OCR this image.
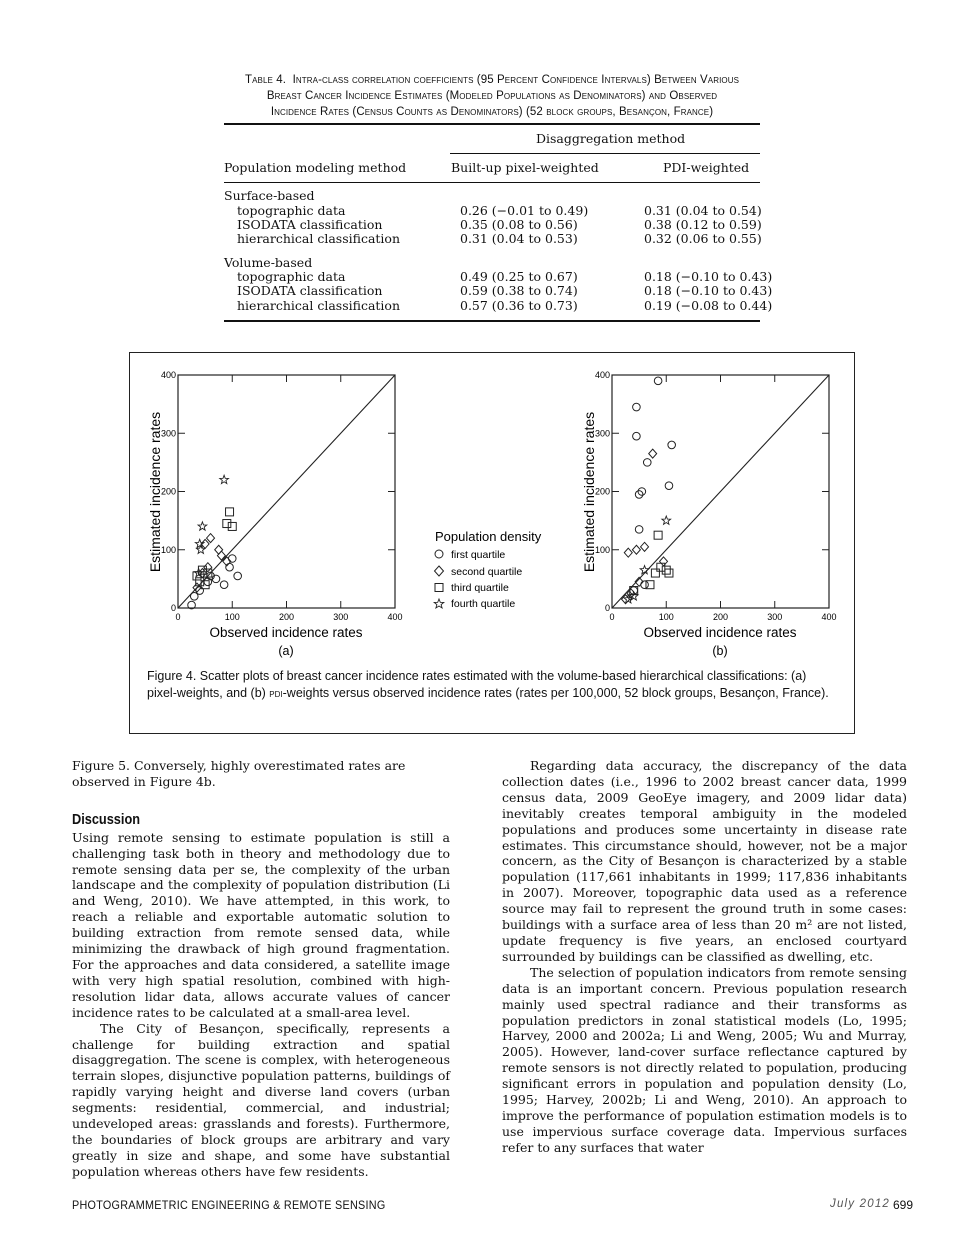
Table 4. Intra-class correlation coefficients (95 Percent Confidence Intervals) Between Various
Breast Cancer Incidence Estimates (Modeled Populations as Denominators) and Observed
Incidence Rates (Census Counts as Denominators) (52 block groups, Besançon, France)
Disaggregation method
Population modeling method	Built-up pixel-weighted	PDI-weighted
Surface-based
topographic data	0.26 (−0.01 to 0.49)	0.31 (0.04 to 0.54)
ISODATA classification	0.35 (0.08 to 0.56)	0.38 (0.12 to 0.59)
hierarchical classification	0.31 (0.04 to 0.53)	0.32 (0.06 to 0.55)
Volume-based
topographic data	0.49 (0.25 to 0.67)	0.18 (−0.10 to 0.43)
ISODATA classification	0.59 (0.38 to 0.74)	0.18 (−0.10 to 0.43)
hierarchical classification	0.57 (0.36 to 0.73)	0.19 (−0.08 to 0.44)
0	100	200	300	400
0
100
200
300
400
Estimated incidence rates
Observed incidence rates
(a)
0	100	200	300	400
0
100
200
300
400
Estimated incidence rates
Observed incidence rates
(b)
Population density
first quartile
second quartile
third quartile
fourth quartile
Figure 4. Scatter plots of breast cancer incidence rates estimated with the volume-based hierarchical classifications: (a) pixel-weights, and (b) pdi-weights versus observed incidence rates (rates per 100,000, 52 block groups, Besançon, France).

Figure 5. Conversely, highly overestimated rates are observed in Figure 4b.

Discussion

Using remote sensing to estimate population is still a challenging task both in theory and methodology due to remote sensing data per se, the complexity of the urban landscape and the complexity of population distribution (Li and Weng, 2010). We have attempted, in this work, to reach a reliable and exportable automatic solution to building extraction from remote sensed data, while minimizing the drawback of high ground fragmentation. For the approaches and data considered, a satellite image with very high spatial resolution, combined with high-resolution lidar data, allows accurate values of cancer incidence rates to be calculated at a small-area level.

The City of Besançon, specifically, represents a challenge for building extraction and spatial disaggregation. The scene is complex, with heterogeneous terrain slopes, disjunctive population patterns, buildings of rapidly varying height and diverse land covers (urban segments: residential, commercial, and industrial; undeveloped areas: grasslands and forests). Furthermore, the boundaries of block groups are arbitrary and vary greatly in size and shape, and some have substantial population whereas others have few residents.

Regarding data accuracy, the discrepancy of the data collection dates (i.e., 1996 to 2002 breast cancer data, 1999 census data, 2009 GeoEye imagery, and 2009 lidar data) inevitably creates temporal ambiguity in the modeled populations and produces some uncertainty in disease rate estimates. This circumstance should, however, not be a major concern, as the City of Besançon is characterized by a stable population (117,661 inhabitants in 1999; 117,836 inhabitants in 2007). Moreover, topographic data used as a reference source may fail to represent the ground truth in some cases: buildings with a surface area of less than 20 m² are not listed, update frequency is five years, an enclosed courtyard surrounded by buildings can be classified as dwelling, etc.

The selection of population indicators from remote sensing data is an important concern. Previous population research mainly used spectral radiance and their transforms as population predictors in zonal statistical models (Lo, 1995; Harvey, 2000 and 2002a; Li and Weng, 2005; Wu and Murray, 2005). However, land-cover surface reflectance captured by remote sensors is not directly related to population, producing significant errors in population and population density (Lo, 1995; Harvey, 2002b; Li and Weng, 2010). An approach to improve the performance of population estimation models is to use impervious surface coverage data. Impervious surfaces refer to any surfaces that water

PHOTOGRAMMETRIC ENGINEERING & REMOTE SENSING	July 2012 699
